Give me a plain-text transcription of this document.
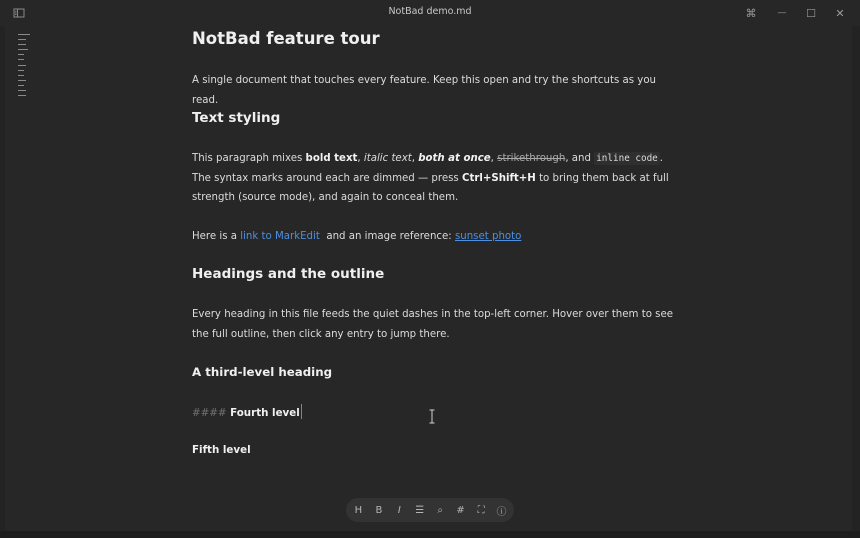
NotBad demo.md	⌘ — ☐ ✕
NotBad feature tour
A single document that touches every feature. Keep this open and try the shortcuts as you read.
Text styling
This paragraph mixes bold text, italic text, both at once, strikethrough, and inline code . The syntax marks around each are dimmed — press Ctrl+Shift+H to bring them back at full strength (source mode), and again to conceal them.
Here is a link to MarkEdit  and an image reference: sunset photo
Headings and the outline
Every heading in this file feeds the quiet dashes in the top-left corner. Hover over them to see the full outline, then click any entry to jump there.
A third-level heading
#### Fourth level
Fifth level
H B I ☰ ⌕ # ⛶ ⓘ
